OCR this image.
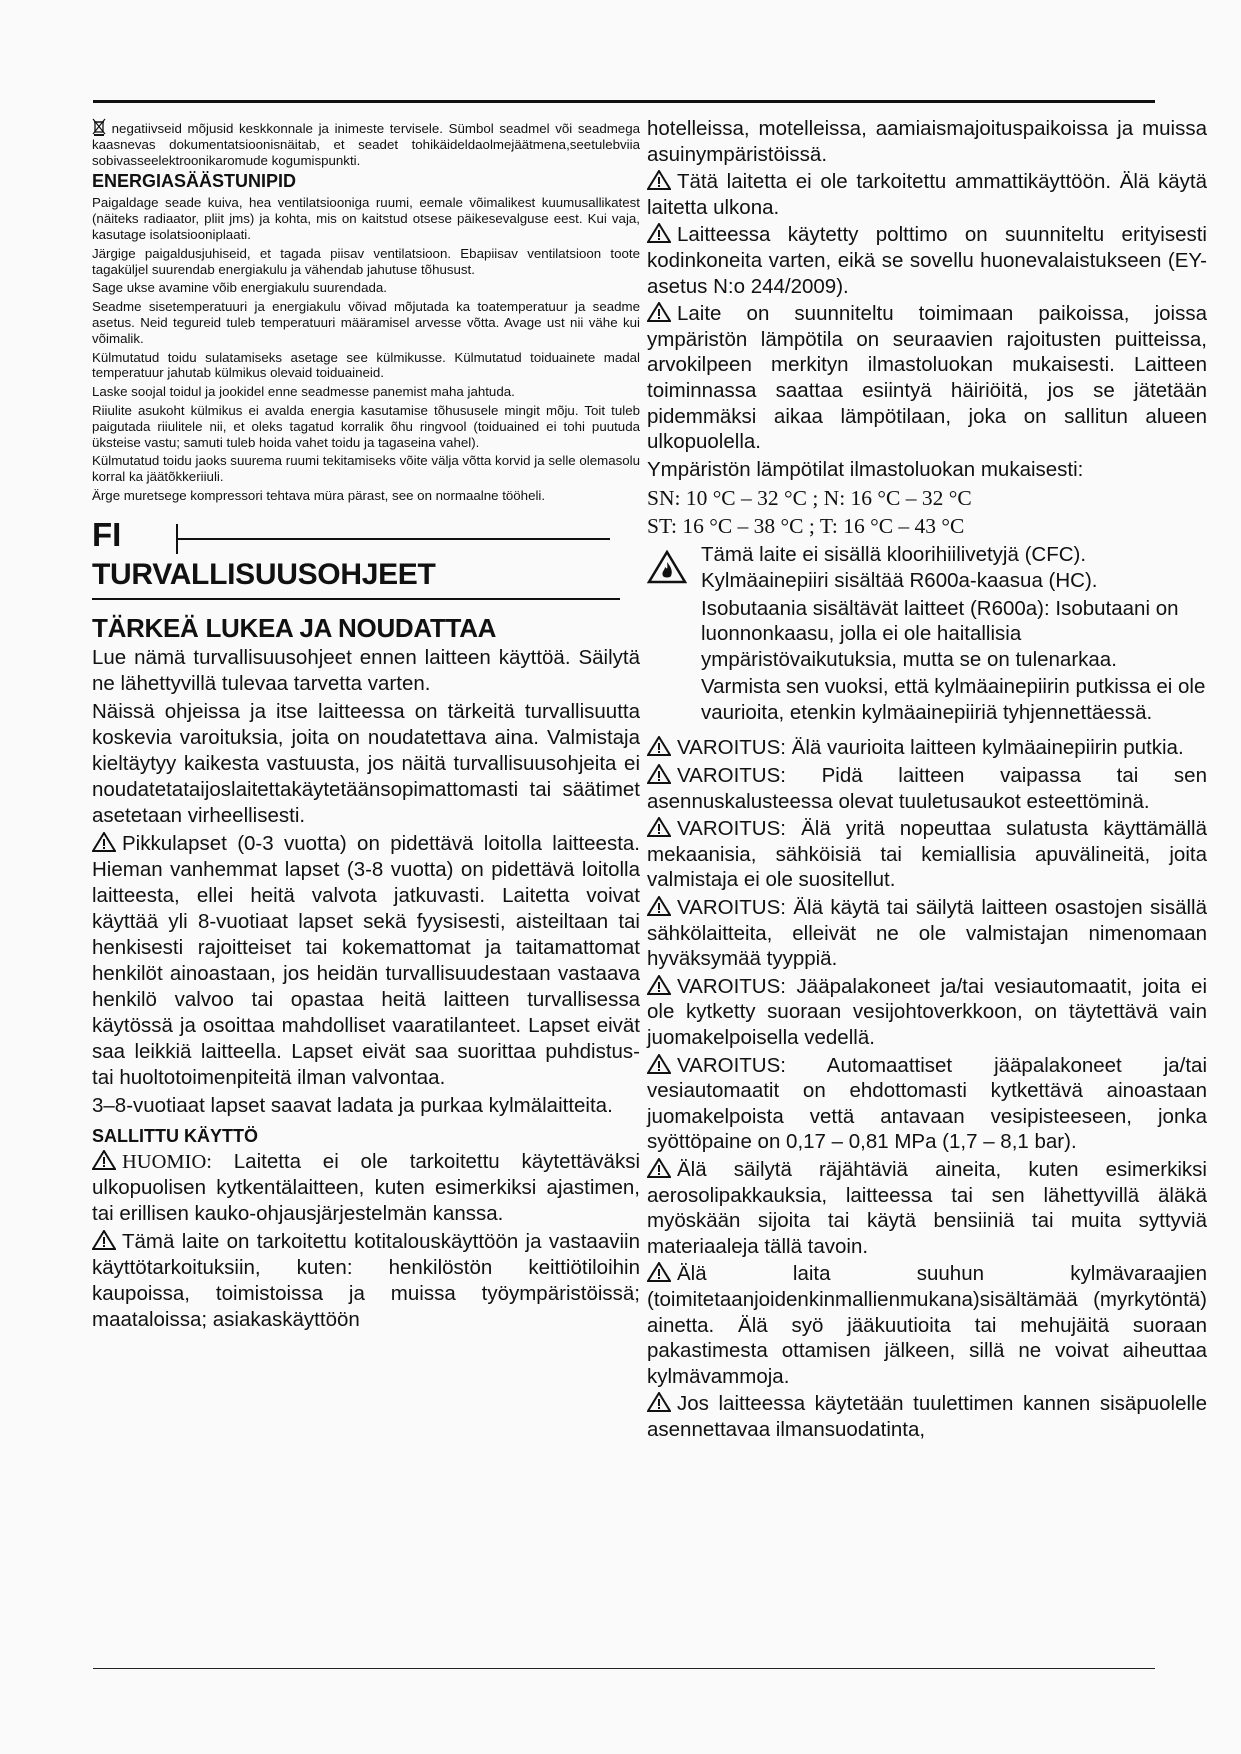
negatiivseid mõjusid keskkonnale ja inimeste tervisele. Sümbol seadmel või seadmega kaasnevas dokumentatsioonisnäitab, et seadet tohikäideldaolmejäätmena,seetulebviia sobivasseelektroonikaromude kogumispunkti.

ENERGIASÄÄSTUNIPID

Paigaldage seade kuiva, hea ventilatsiooniga ruumi, eemale võimalikest kuumusallikatest (näiteks radiaator, pliit jms) ja kohta, mis on kaitstud otsese päikesevalguse eest. Kui vaja, kasutage isolatsiooniplaati.

Järgige paigaldusjuhiseid, et tagada piisav ventilatsioon. Ebapiisav ventilatsioon toote tagaküljel suurendab energiakulu ja vähendab jahutuse tõhusust.

Sage ukse avamine võib energiakulu suurendada.

Seadme sisetemperatuuri ja energiakulu võivad mõjutada ka toatemperatuur ja seadme asetus. Neid tegureid tuleb temperatuuri määramisel arvesse võtta. Avage ust nii vähe kui võimalik.

Külmutatud toidu sulatamiseks asetage see külmikusse. Külmutatud toiduainete madal temperatuur jahutab külmikus olevaid toiduaineid.

Laske soojal toidul ja jookidel enne seadmesse panemist maha jahtuda.

Riiulite asukoht külmikus ei avalda energia kasutamise tõhususele mingit mõju. Toit tuleb paigutada riiulitele nii, et oleks tagatud korralik õhu ringvool (toiduained ei tohi puutuda üksteise vastu; samuti tuleb hoida vahet toidu ja tagaseina vahel).

Külmutatud toidu jaoks suurema ruumi tekitamiseks võite välja võtta korvid ja selle olemasolu korral ka jäätõkkeriiuli.

Ärge muretsege kompressori tehtava müra pärast, see on normaalne tööheli.

FI
TURVALLISUUSOHJEET
TÄRKEÄ LUKEA JA NOUDATTAA

Lue nämä turvallisuusohjeet ennen laitteen käyttöä. Säilytä ne lähettyvillä tulevaa tarvetta varten.

Näissä ohjeissa ja itse laitteessa on tärkeitä turvallisuutta koskevia varoituksia, joita on noudatettava aina. Valmistaja kieltäytyy kaikesta vastuusta, jos näitä turvallisuusohjeita ei noudatetataijoslaitettakäytetäänsopimattomasti tai säätimet asetetaan virheellisesti.

Pikkulapset (0-3 vuotta) on pidettävä loitolla laitteesta. Hieman vanhemmat lapset (3-8 vuotta) on pidettävä loitolla laitteesta, ellei heitä valvota jatkuvasti. Laitetta voivat käyttää yli 8-vuotiaat lapset sekä fyysisesti, aisteiltaan tai henkisesti rajoitteiset tai kokemattomat ja taitamattomat henkilöt ainoastaan, jos heidän turvallisuudestaan vastaava henkilö valvoo tai opastaa heitä laitteen turvallisessa käytössä ja osoittaa mahdolliset vaaratilanteet. Lapset eivät saa leikkiä laitteella. Lapset eivät saa suorittaa puhdistus- tai huoltotoimenpiteitä ilman valvontaa.

3–8-vuotiaat lapset saavat ladata ja purkaa kylmälaitteita.

SALLITTU KÄYTTÖ

HUOMIO: Laitetta ei ole tarkoitettu käytettäväksi ulkopuolisen kytkentälaitteen, kuten esimerkiksi ajastimen, tai erillisen kauko-ohjausjärjestelmän kanssa.

Tämä laite on tarkoitettu kotitalouskäyttöön ja vastaaviin käyttötarkoituksiin, kuten: henkilöstön keittiötiloihin kaupoissa, toimistoissa ja muissa työympäristöissä; maataloissa; asiakaskäyttöön

hotelleissa, motelleissa, aamiaismajoituspaikoissa ja muissa asuinympäristöissä.

Tätä laitetta ei ole tarkoitettu ammattikäyttöön. Älä käytä laitetta ulkona.

Laitteessa käytetty polttimo on suunniteltu erityisesti kodinkoneita varten, eikä se sovellu huonevalaistukseen (EY-asetus N:o 244/2009).

Laite on suunniteltu toimimaan paikoissa, joissa ympäristön lämpötila on seuraavien rajoitusten puitteissa, arvokilpeen merkityn ilmastoluokan mukaisesti. Laitteen toiminnassa saattaa esiintyä häiriöitä, jos se jätetään pidemmäksi aikaa lämpötilaan, joka on sallitun alueen ulkopuolella.

Ympäristön lämpötilat ilmastoluokan mukaisesti:

SN: 10 °C – 32 °C ; N: 16 °C – 32 °C

ST: 16 °C – 38 °C ; T: 16 °C – 43 °C

Tämä laite ei sisällä kloorihiilivetyjä (CFC). Kylmäainepiiri sisältää R600a-kaasua (HC).

Isobutaania sisältävät laitteet (R600a): Isobutaani on luonnonkaasu, jolla ei ole haitallisia ympäristövaikutuksia, mutta se on tulenarkaa.

Varmista sen vuoksi, että kylmäainepiirin putkissa ei ole vaurioita, etenkin kylmäainepiiriä tyhjennettäessä.

VAROITUS: Älä vaurioita laitteen kylmäainepiirin putkia.

VAROITUS: Pidä laitteen vaipassa tai sen asennuskalusteessa olevat tuuletusaukot esteettöminä.

VAROITUS: Älä yritä nopeuttaa sulatusta käyttämällä mekaanisia, sähköisiä tai kemiallisia apuvälineitä, joita valmistaja ei ole suositellut.

VAROITUS: Älä käytä tai säilytä laitteen osastojen sisällä sähkölaitteita, elleivät ne ole valmistajan nimenomaan hyväksymää tyyppiä.

VAROITUS: Jääpalakoneet ja/tai vesiautomaatit, joita ei ole kytketty suoraan vesijohtoverkkoon, on täytettävä vain juomakelpoisella vedellä.

VAROITUS: Automaattiset jääpalakoneet ja/tai vesiautomaatit on ehdottomasti kytkettävä ainoastaan juomakelpoista vettä antavaan vesipisteeseen, jonka syöttöpaine on 0,17 – 0,81 MPa (1,7 – 8,1 bar).

Älä säilytä räjähtäviä aineita, kuten esimerkiksi aerosolipakkauksia, laitteessa tai sen lähettyvillä äläkä myöskään sijoita tai käytä bensiiniä tai muita syttyviä materiaaleja tällä tavoin.

Älä laita suuhun kylmävaraajien (toimitetaanjoidenkinmallienmukana)sisältämää (myrkytöntä) ainetta. Älä syö jääkuutioita tai mehujäitä suoraan pakastimesta ottamisen jälkeen, sillä ne voivat aiheuttaa kylmävammoja.

Jos laitteessa käytetään tuulettimen kannen sisäpuolelle asennettavaa ilmansuodatinta,
